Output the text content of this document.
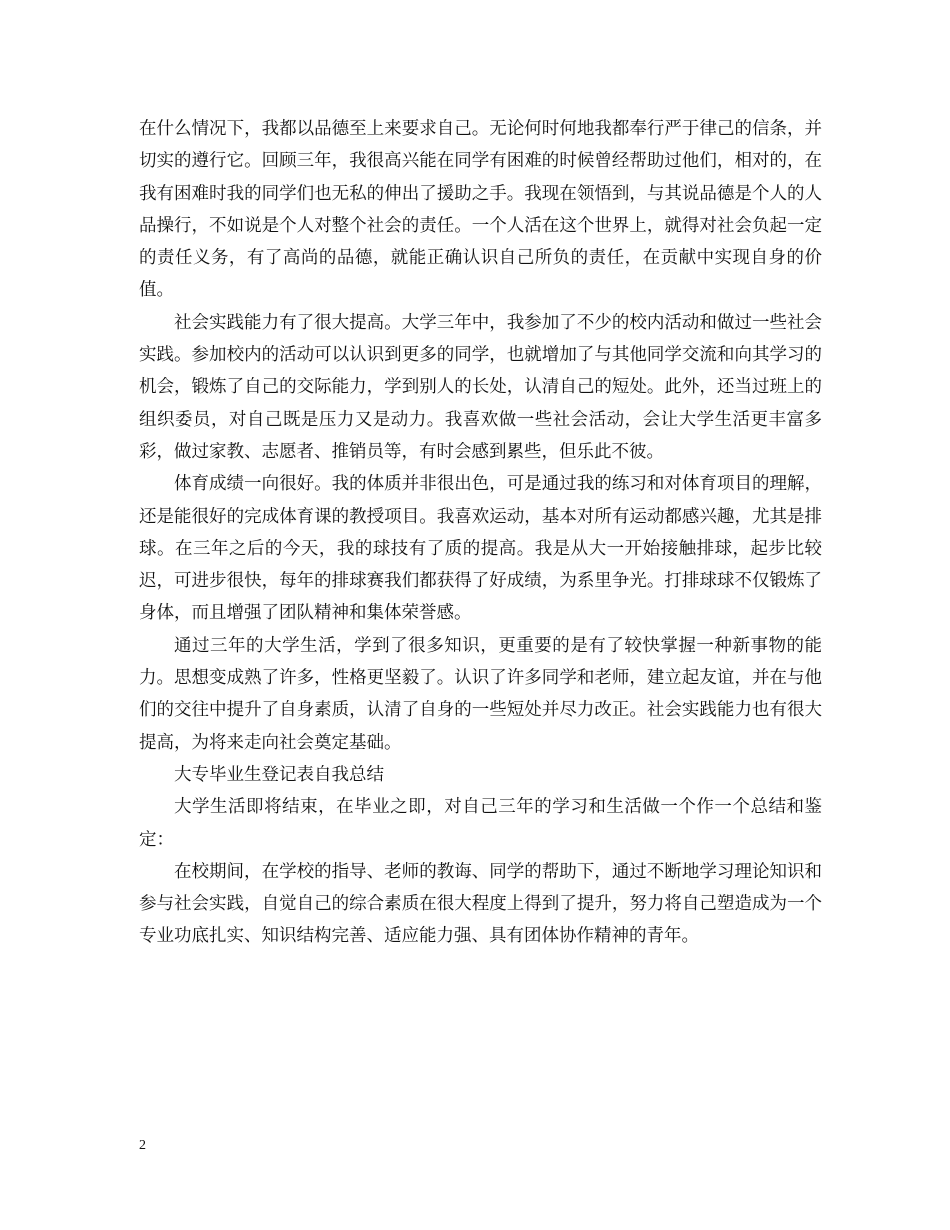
在什么情况下，我都以品德至上来要求自己。无论何时何地我都奉行严于律己的信条，并切实的遵行它。回顾三年，我很高兴能在同学有困难的时候曾经帮助过他们，相对的，在我有困难时我的同学们也无私的伸出了援助之手。我现在领悟到，与其说品德是个人的人品操行，不如说是个人对整个社会的责任。一个人活在这个世界上，就得对社会负起一定的责任义务，有了高尚的品德，就能正确认识自己所负的责任，在贡献中实现自身的价值。

社会实践能力有了很大提高。大学三年中，我参加了不少的校内活动和做过一些社会实践。参加校内的活动可以认识到更多的同学，也就增加了与其他同学交流和向其学习的机会，锻炼了自己的交际能力，学到别人的长处，认清自己的短处。此外，还当过班上的组织委员，对自己既是压力又是动力。我喜欢做一些社会活动，会让大学生活更丰富多彩，做过家教、志愿者、推销员等，有时会感到累些，但乐此不彼。

体育成绩一向很好。我的体质并非很出色，可是通过我的练习和对体育项目的理解，还是能很好的完成体育课的教授项目。我喜欢运动，基本对所有运动都感兴趣，尤其是排球。在三年之后的今天，我的球技有了质的提高。我是从大一开始接触排球，起步比较迟，可进步很快，每年的排球赛我们都获得了好成绩，为系里争光。打排球球不仅锻炼了身体，而且增强了团队精神和集体荣誉感。

通过三年的大学生活，学到了很多知识，更重要的是有了较快掌握一种新事物的能力。思想变成熟了许多，性格更坚毅了。认识了许多同学和老师，建立起友谊，并在与他们的交往中提升了自身素质，认清了自身的一些短处并尽力改正。社会实践能力也有很大提高，为将来走向社会奠定基础。

大专毕业生登记表自我总结

大学生活即将结束，在毕业之即，对自己三年的学习和生活做一个作一个总结和鉴定：

在校期间，在学校的指导、老师的教诲、同学的帮助下，通过不断地学习理论知识和参与社会实践，自觉自己的综合素质在很大程度上得到了提升，努力将自己塑造成为一个专业功底扎实、知识结构完善、适应能力强、具有团体协作精神的青年。

2
